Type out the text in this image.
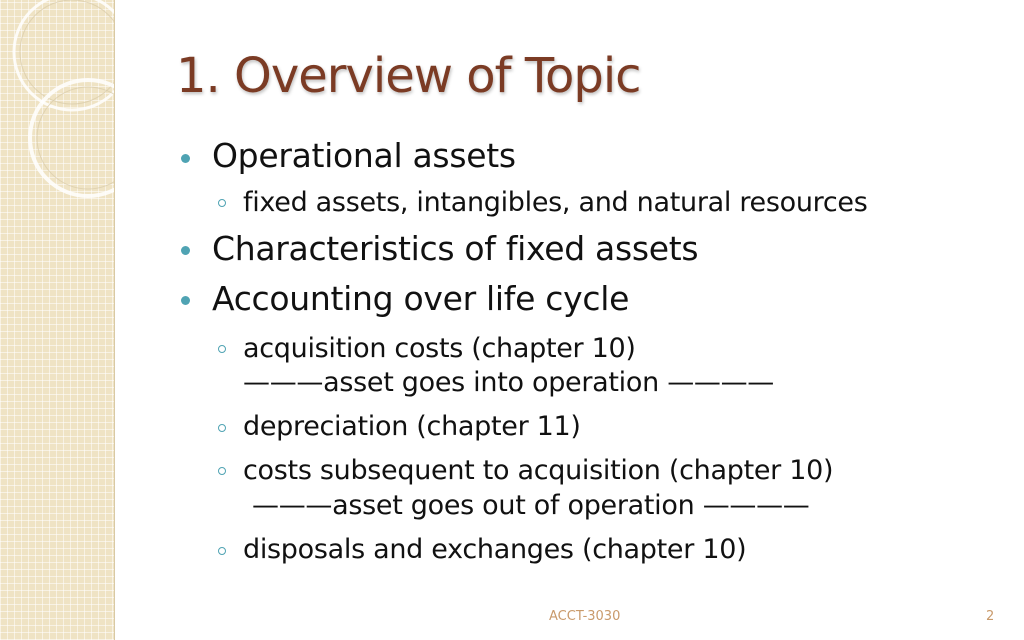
1. Overview of Topic
Operational assets
fixed assets, intangibles, and natural resources
Characteristics of fixed assets
Accounting over life cycle
acquisition costs (chapter 10)
———asset goes into operation ————
depreciation (chapter 11)
costs subsequent to acquisition (chapter 10)
———asset goes out of operation ————
disposals and exchanges (chapter 10)
ACCT-3030	2
